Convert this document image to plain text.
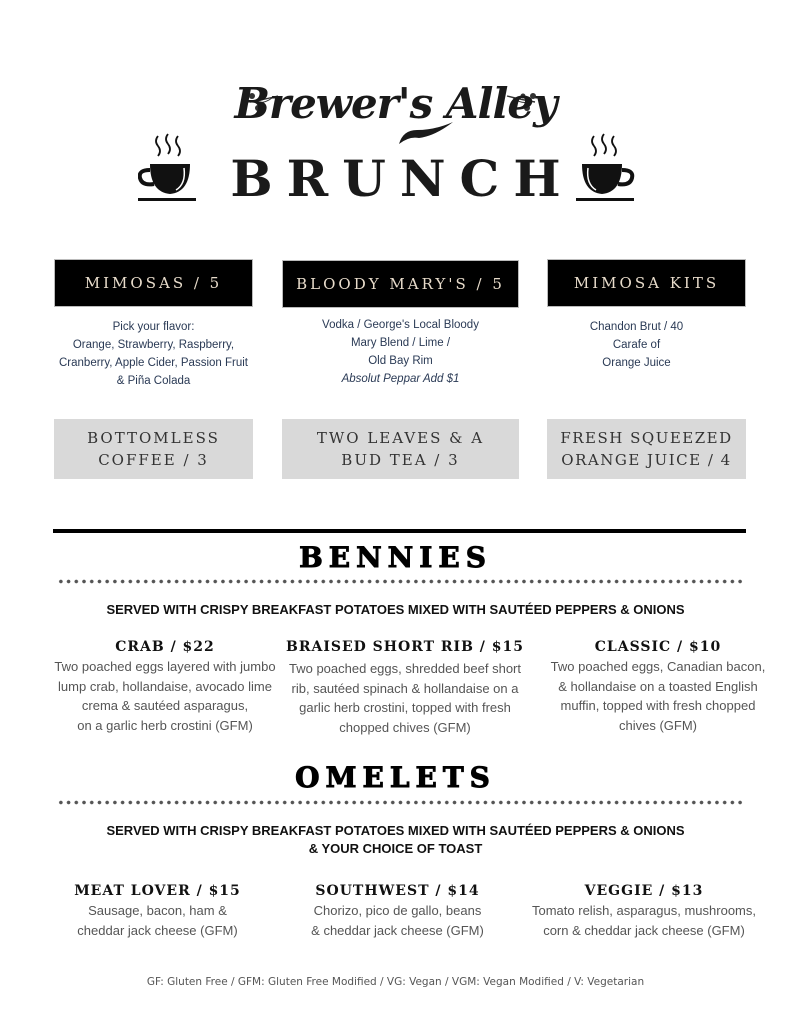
Brewer's Alley
BRUNCH
MIMOSAS / 5
Pick your flavor:
Orange, Strawberry, Raspberry,
Cranberry, Apple Cider, Passion Fruit
& Piña Colada
BLOODY MARY'S / 5
Vodka / George's Local Bloody
Mary Blend / Lime /
Old Bay Rim
Absolut Peppar Add $1
MIMOSA KITS
Chandon Brut / 40
Carafe of
Orange Juice
BOTTOMLESS
COFFEE / 3
TWO LEAVES & A
BUD TEA / 3
FRESH SQUEEZED
ORANGE JUICE / 4
BENNIES
SERVED WITH CRISPY BREAKFAST POTATOES MIXED WITH SAUTÉED PEPPERS & ONIONS
CRAB / $22
Two poached eggs layered with jumbo
lump crab, hollandaise, avocado lime
crema & sautéed asparagus,
on a garlic herb crostini (GFM)
BRAISED SHORT RIB / $15
Two poached eggs, shredded beef short
rib, sautéed spinach & hollandaise on a
garlic herb crostini, topped with fresh
chopped chives (GFM)
CLASSIC / $10
Two poached eggs, Canadian bacon,
& hollandaise on a toasted English
muffin, topped with fresh chopped
chives (GFM)
OMELETS
SERVED WITH CRISPY BREAKFAST POTATOES MIXED WITH SAUTÉED PEPPERS & ONIONS
& YOUR CHOICE OF TOAST
MEAT LOVER / $15
Sausage, bacon, ham &
cheddar jack cheese (GFM)
SOUTHWEST / $14
Chorizo, pico de gallo, beans
& cheddar jack cheese (GFM)
VEGGIE / $13
Tomato relish, asparagus, mushrooms,
corn & cheddar jack cheese (GFM)
GF: Gluten Free / GFM: Gluten Free Modified / VG: Vegan / VGM: Vegan Modified / V: Vegetarian
